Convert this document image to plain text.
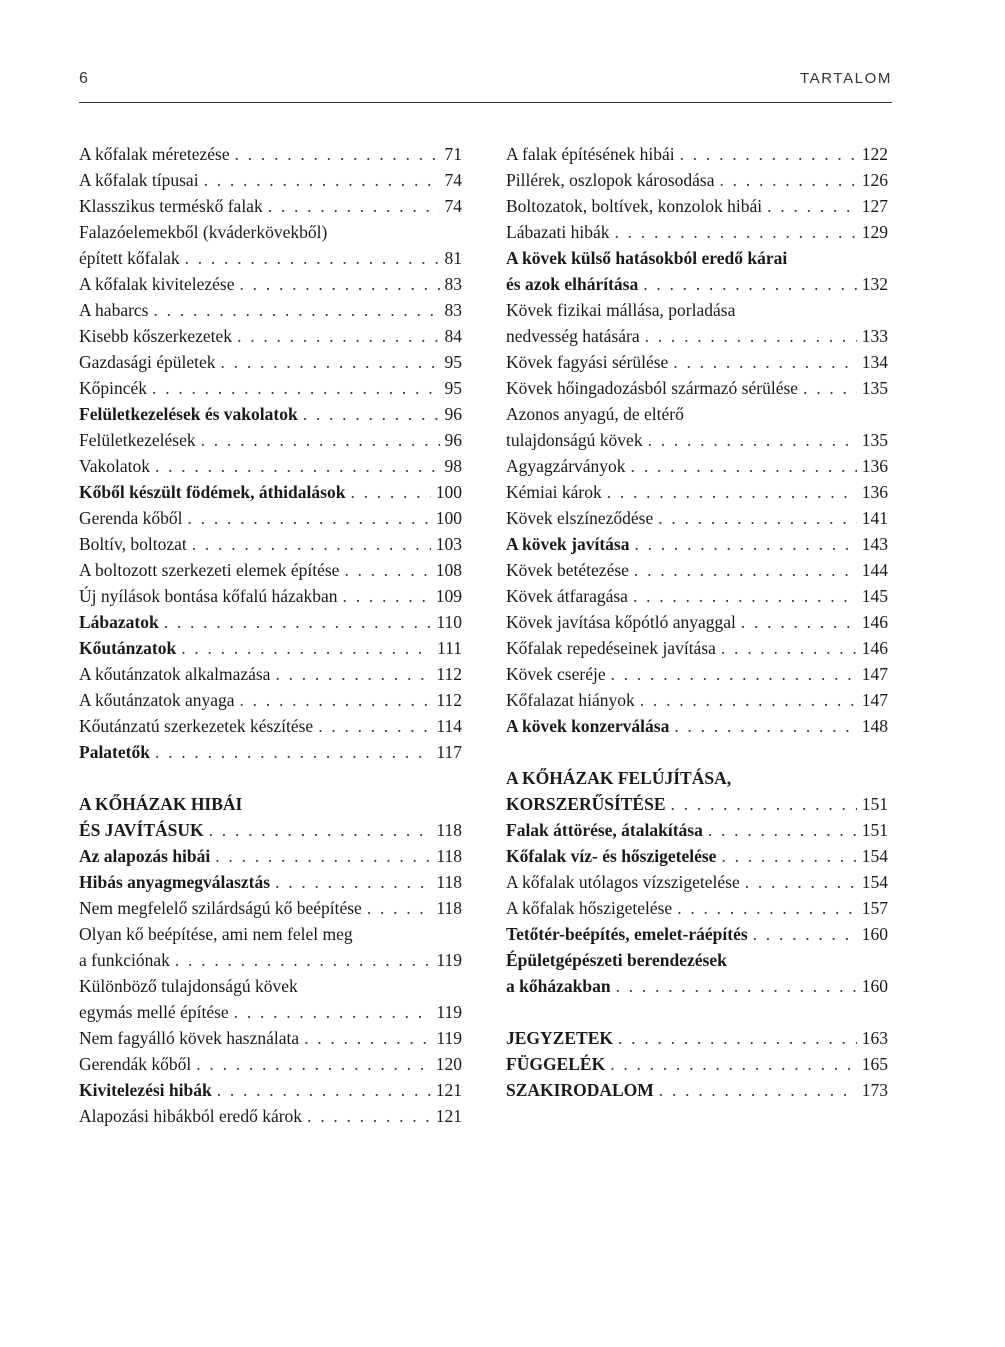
6	TARTALOM
A kőfalak méretezése . . .	71
A kőfalak típusai . . .	74
Klasszikus terméskő falak . . .	74
Falazóelemekből (kváderkövekből)
épített kőfalak . . .	81
A kőfalak kivitelezése . . .	83
A habarcs . . .	83
Kisebb kőszerkezetek . . .	84
Gazdasági épületek . . .	95
Kőpincék . . .	95
Felületkezelések és vakolatok . . .	96
Felületkezelések . . .	96
Vakolatok . . .	98
Kőből készült födémek, áthidalások . . .	100
Gerenda kőből . . .	100
Boltív, boltozat . . .	103
A boltozott szerkezeti elemek építése . . .	108
Új nyílások bontása kőfalú házakban . . .	109
Lábazatok . . .	110
Kőutánzatok . . .	111
A kőutánzatok alkalmazása . . .	112
A kőutánzatok anyaga . . .	112
Kőutánzatú szerkezetek készítése . . .	114
Palatetők . . .	117
A KŐHÁZAK HIBÁI
ÉS JAVÍTÁSUK . . .	118
Az alapozás hibái . . .	118
Hibás anyagmegválasztás . . .	118
Nem megfelelő szilárdságú kő beépítése . . .	118
Olyan kő beépítése, ami nem felel meg
a funkciónak . . .	119
Különböző tulajdonságú kövek
egymás mellé építése . . .	119
Nem fagyálló kövek használata . . .	119
Gerendák kőből . . .	120
Kivitelezési hibák . . .	121
Alapozási hibákból eredő károk . . .	121
A falak építésének hibái . . .	122
Pillérek, oszlopok károsodása . . .	126
Boltozatok, boltívek, konzolok hibái . . .	127
Lábazati hibák . . .	129
A kövek külső hatásokból eredő kárai
és azok elhárítása . . .	132
Kövek fizikai mállása, porladása
nedvesség hatására . . .	133
Kövek fagyási sérülése . . .	134
Kövek hőingadozásból származó sérülése . . .	135
Azonos anyagú, de eltérő
tulajdonságú kövek . . .	135
Agyagzárványok . . .	136
Kémiai károk . . .	136
Kövek elszíneződése . . .	141
A kövek javítása . . .	143
Kövek betétezése . . .	144
Kövek átfaragása . . .	145
Kövek javítása kőpótló anyaggal . . .	146
Kőfalak repedéseinek javítása . . .	146
Kövek cseréje . . .	147
Kőfalazat hiányok . . .	147
A kövek konzerválása . . .	148
A KŐHÁZAK FELÚJÍTÁSA,
KORSZERŰSÍTÉSE . . .	151
Falak áttörése, átalakítása . . .	151
Kőfalak víz- és hőszigetelése . . .	154
A kőfalak utólagos vízszigetelése . . .	154
A kőfalak hőszigetelése . . .	157
Tetőtér-beépítés, emelet-ráépítés . . .	160
Épületgépészeti berendezések
a kőházakban . . .	160
JEGYZETEK . . .	163
FÜGGELÉK . . .	165
SZAKIRODALOM . . .	173
